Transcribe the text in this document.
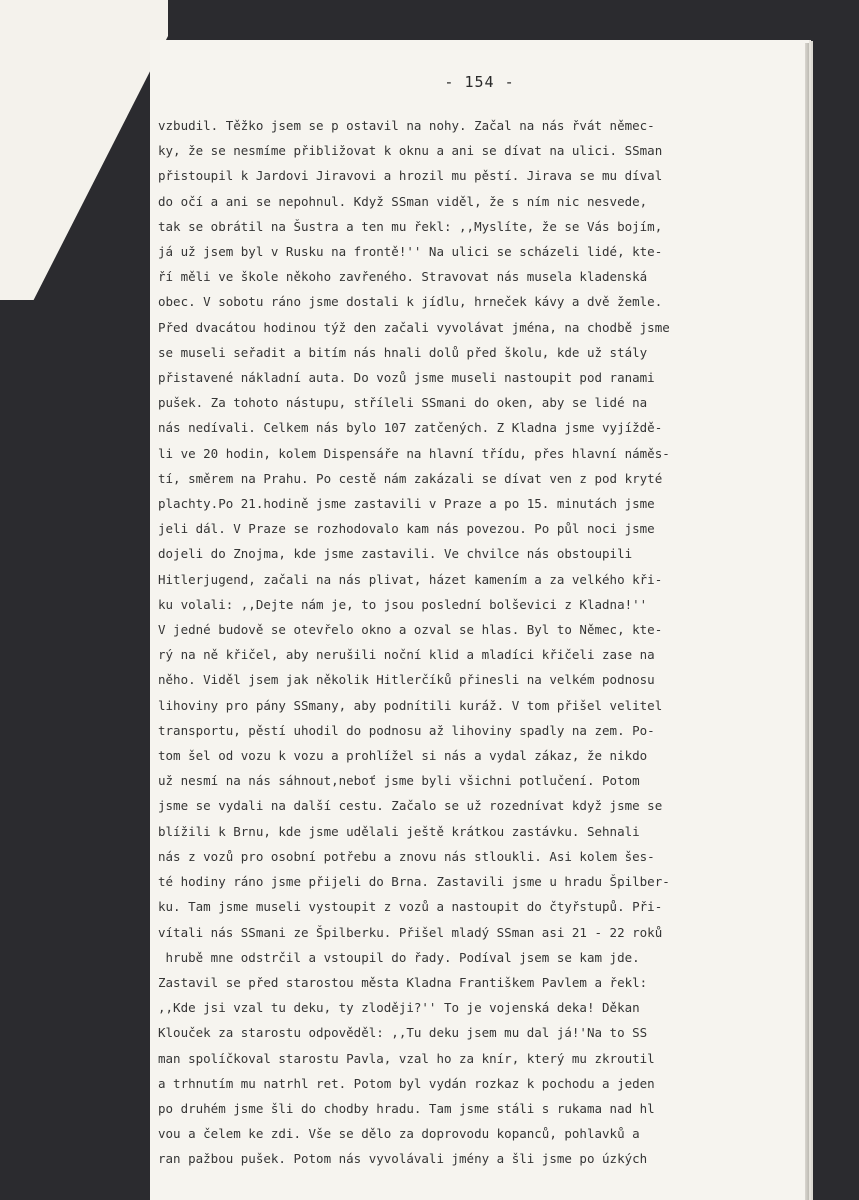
- 154 -
vzbudil. Těžko jsem se p ostavil na nohy. Začal na nás řvát němec-
ky, že se nesmíme přibližovat k oknu a ani se dívat na ulici. SSman
přistoupil k Jardovi Jiravovi a hrozil mu pěstí. Jirava se mu díval
do očí a ani se nepohnul. Když SSman viděl, že s ním nic nesvede,
tak se obrátil na Šustra a ten mu řekl: ,,Myslíte, že se Vás bojím,
já už jsem byl v Rusku na frontě!'' Na ulici se scházeli lidé, kte-
ří měli ve škole někoho zavřeného. Stravovat nás musela kladenská
obec. V sobotu ráno jsme dostali k jídlu, hrneček kávy a dvě žemle.
Před dvacátou hodinou týž den začali vyvolávat jména, na chodbě jsme
se museli seřadit a bitím nás hnali dolů před školu, kde už stály
přistavené nákladní auta. Do vozů jsme museli nastoupit pod ranami
pušek. Za tohoto nástupu, stříleli SSmani do oken, aby se lidé na
nás nedívali. Celkem nás bylo 107 zatčených. Z Kladna jsme vyjíždě-
li ve 20 hodin, kolem Dispensáře na hlavní třídu, přes hlavní náměs-
tí, směrem na Prahu. Po cestě nám zakázali se dívat ven z pod kryté
plachty.Po 21.hodině jsme zastavili v Praze a po 15. minutách jsme
jeli dál. V Praze se rozhodovalo kam nás povezou. Po půl noci jsme
dojeli do Znojma, kde jsme zastavili. Ve chvilce nás obstoupili
Hitlerjugend, začali na nás plivat, házet kamením a za velkého kři-
ku volali: ,,Dejte nám je, to jsou poslední bolševici z Kladna!''
V jedné budově se otevřelo okno a ozval se hlas. Byl to Němec, kte-
rý na ně křičel, aby nerušili noční klid a mladíci křičeli zase na
něho. Viděl jsem jak několik Hitlerčíků přinesli na velkém podnosu
lihoviny pro pány SSmany, aby podnítili kuráž. V tom přišel velitel
transportu, pěstí uhodil do podnosu až lihoviny spadly na zem. Po-
tom šel od vozu k vozu a prohlížel si nás a vydal zákaz, že nikdo
už nesmí na nás sáhnout,neboť jsme byli všichni potlučení. Potom
jsme se vydali na další cestu. Začalo se už rozednívat když jsme se
blížili k Brnu, kde jsme udělali ještě krátkou zastávku. Sehnali
nás z vozů pro osobní potřebu a znovu nás stloukli. Asi kolem šes-
té hodiny ráno jsme přijeli do Brna. Zastavili jsme u hradu Špilber-
ku. Tam jsme museli vystoupit z vozů a nastoupit do čtyřstupů. Při-
vítali nás SSmani ze Špilberku. Přišel mladý SSman asi 21 - 22 roků
hrubě mne odstrčil a vstoupil do řady. Podíval jsem se kam jde.
Zastavil se před starostou města Kladna Františkem Pavlem a řekl:
,,Kde jsi vzal tu deku, ty zloději?'' To je vojenská deka! Děkan
Klouček za starostu odpověděl: ,,Tu deku jsem mu dal já!'Na to SS
man spolíčkoval starostu Pavla, vzal ho za knír, který mu zkroutil
a trhnutím mu natrhl ret. Potom byl vydán rozkaz k pochodu a jeden
po druhém jsme šli do chodby hradu. Tam jsme stáli s rukama nad hl
vou a čelem ke zdi. Vše se dělo za doprovodu kopanců, pohlavků a
ran pažbou pušek. Potom nás vyvolávali jmény a šli jsme po úzkých
